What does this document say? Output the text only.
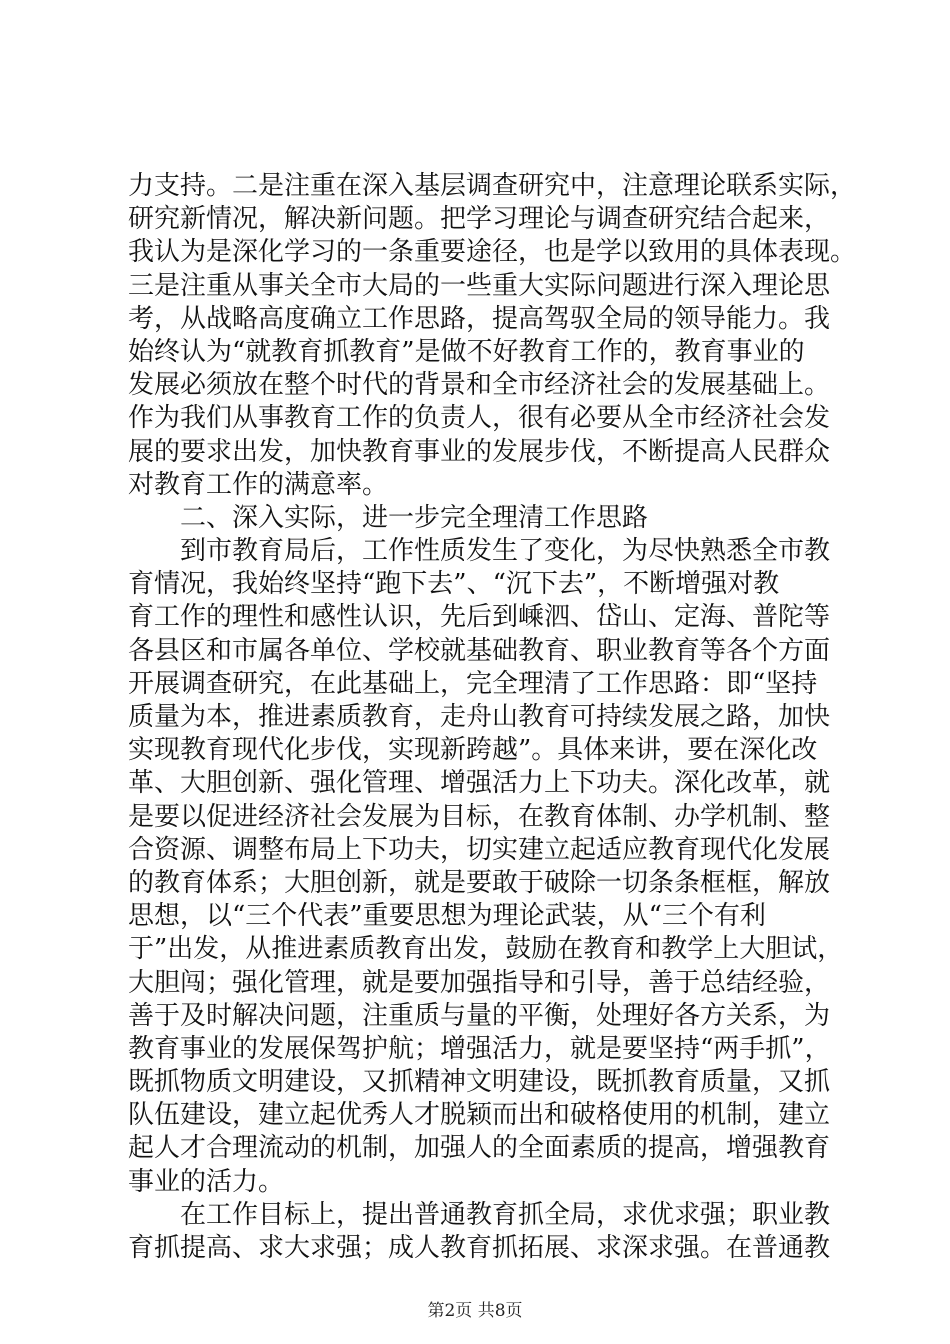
力支持。二是注重在深入基层调查研究中，注意理论联系实际，
研究新情况，解决新问题。把学习理论与调查研究结合起来，
我认为是深化学习的一条重要途径，也是学以致用的具体表现。
三是注重从事关全市大局的一些重大实际问题进行深入理论思
考，从战略高度确立工作思路，提高驾驭全局的领导能力。我
始终认为“就教育抓教育”是做不好教育工作的，教育事业的
发展必须放在整个时代的背景和全市经济社会的发展基础上。
作为我们从事教育工作的负责人，很有必要从全市经济社会发
展的要求出发，加快教育事业的发展步伐，不断提高人民群众
对教育工作的满意率。
　　二、深入实际，进一步完全理清工作思路
　　到市教育局后，工作性质发生了变化，为尽快熟悉全市教
育情况，我始终坚持“跑下去”、“沉下去”，不断增强对教
育工作的理性和感性认识，先后到嵊泗、岱山、定海、普陀等
各县区和市属各单位、学校就基础教育、职业教育等各个方面
开展调查研究，在此基础上，完全理清了工作思路：即“坚持
质量为本，推进素质教育，走舟山教育可持续发展之路，加快
实现教育现代化步伐，实现新跨越”。具体来讲，要在深化改
革、大胆创新、强化管理、增强活力上下功夫。深化改革，就
是要以促进经济社会发展为目标，在教育体制、办学机制、整
合资源、调整布局上下功夫，切实建立起适应教育现代化发展
的教育体系；大胆创新，就是要敢于破除一切条条框框，解放
思想，以“三个代表”重要思想为理论武装，从“三个有利
于”出发，从推进素质教育出发，鼓励在教育和教学上大胆试，
大胆闯；强化管理，就是要加强指导和引导，善于总结经验，
善于及时解决问题，注重质与量的平衡，处理好各方关系，为
教育事业的发展保驾护航；增强活力，就是要坚持“两手抓”，
既抓物质文明建设，又抓精神文明建设，既抓教育质量，又抓
队伍建设，建立起优秀人才脱颖而出和破格使用的机制，建立
起人才合理流动的机制，加强人的全面素质的提高，增强教育
事业的活力。
　　在工作目标上，提出普通教育抓全局，求优求强；职业教
育抓提高、求大求强；成人教育抓拓展、求深求强。在普通教
第2页 共8页
